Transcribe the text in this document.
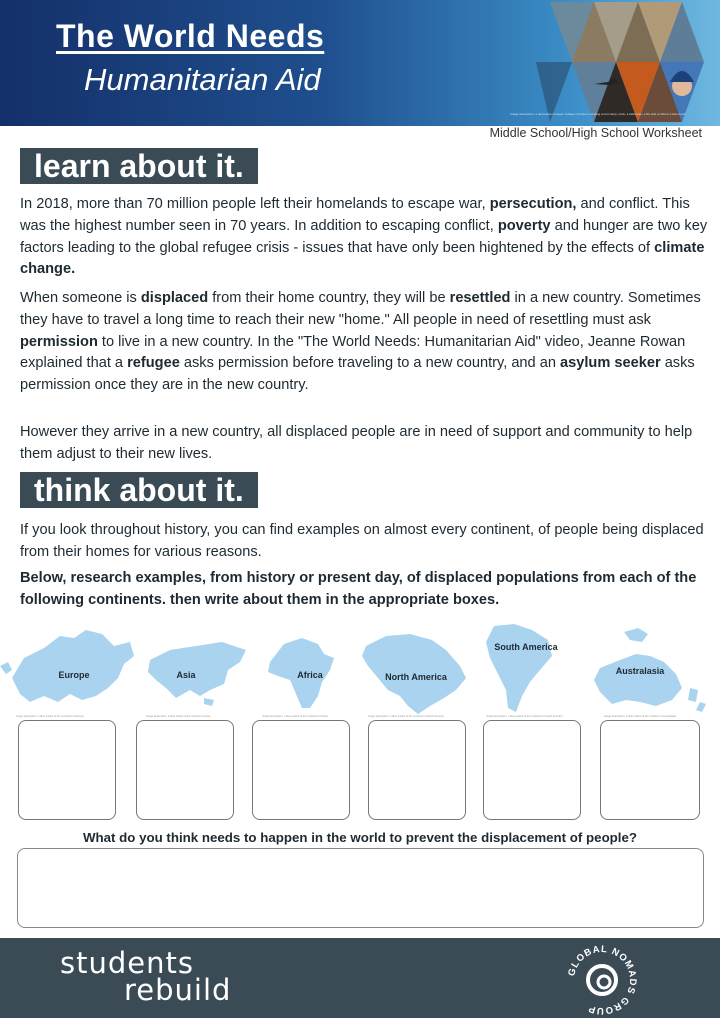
The World Needs
Humanitarian Aid
Image description: a decorative hexagon collage of photos including a tent camp, ruins, a helicopter, a fire and a child in a blue hood.
Middle School/High School Worksheet
learn about it.

In 2018, more than 70 million people left their homelands to escape war, persecution, and conflict. This was the highest number seen in 70 years. In addition to escaping conflict, poverty and hunger are two key factors leading to the global refugee crisis - issues that have only been hightened by the effects of climate change.

When someone is displaced from their home country, they will be resettled in a new country. Sometimes they have to travel a long time to reach their new "home." All people in need of resettling must ask permission to live in a new country. In the "The World Needs: Humanitarian Aid" video, Jeanne Rowan explained that a refugee asks permission before traveling to a new country, and an asylum seeker asks permission once they are in the new country.

However they arrive in a new country, all displaced people are in need of support and community to help them adjust to their new lives.

think about it.

If you look throughout history, you can find examples on almost every continent, of people being displaced from their homes for various reasons.

Below, research examples, from history or present day, of displaced populations from each of the following continents. then write about them in the appropriate boxes.

Europe
Image description: a blue outline of the continent of Europe
Asia
Image description: a blue outline of the continent of Asia
Africa
Image description: a blue outline of the continent of Africa
North America
Image description: a blue outline of the continent of North America
South America
Image description: a blue outline of the continent of South America
Australasia
Image description: a blue outline of the continent of Australasia
What do you think needs to happen in the world to prevent the displacement of people?
students
rebuild
GLOBAL NOMADS GROUP
